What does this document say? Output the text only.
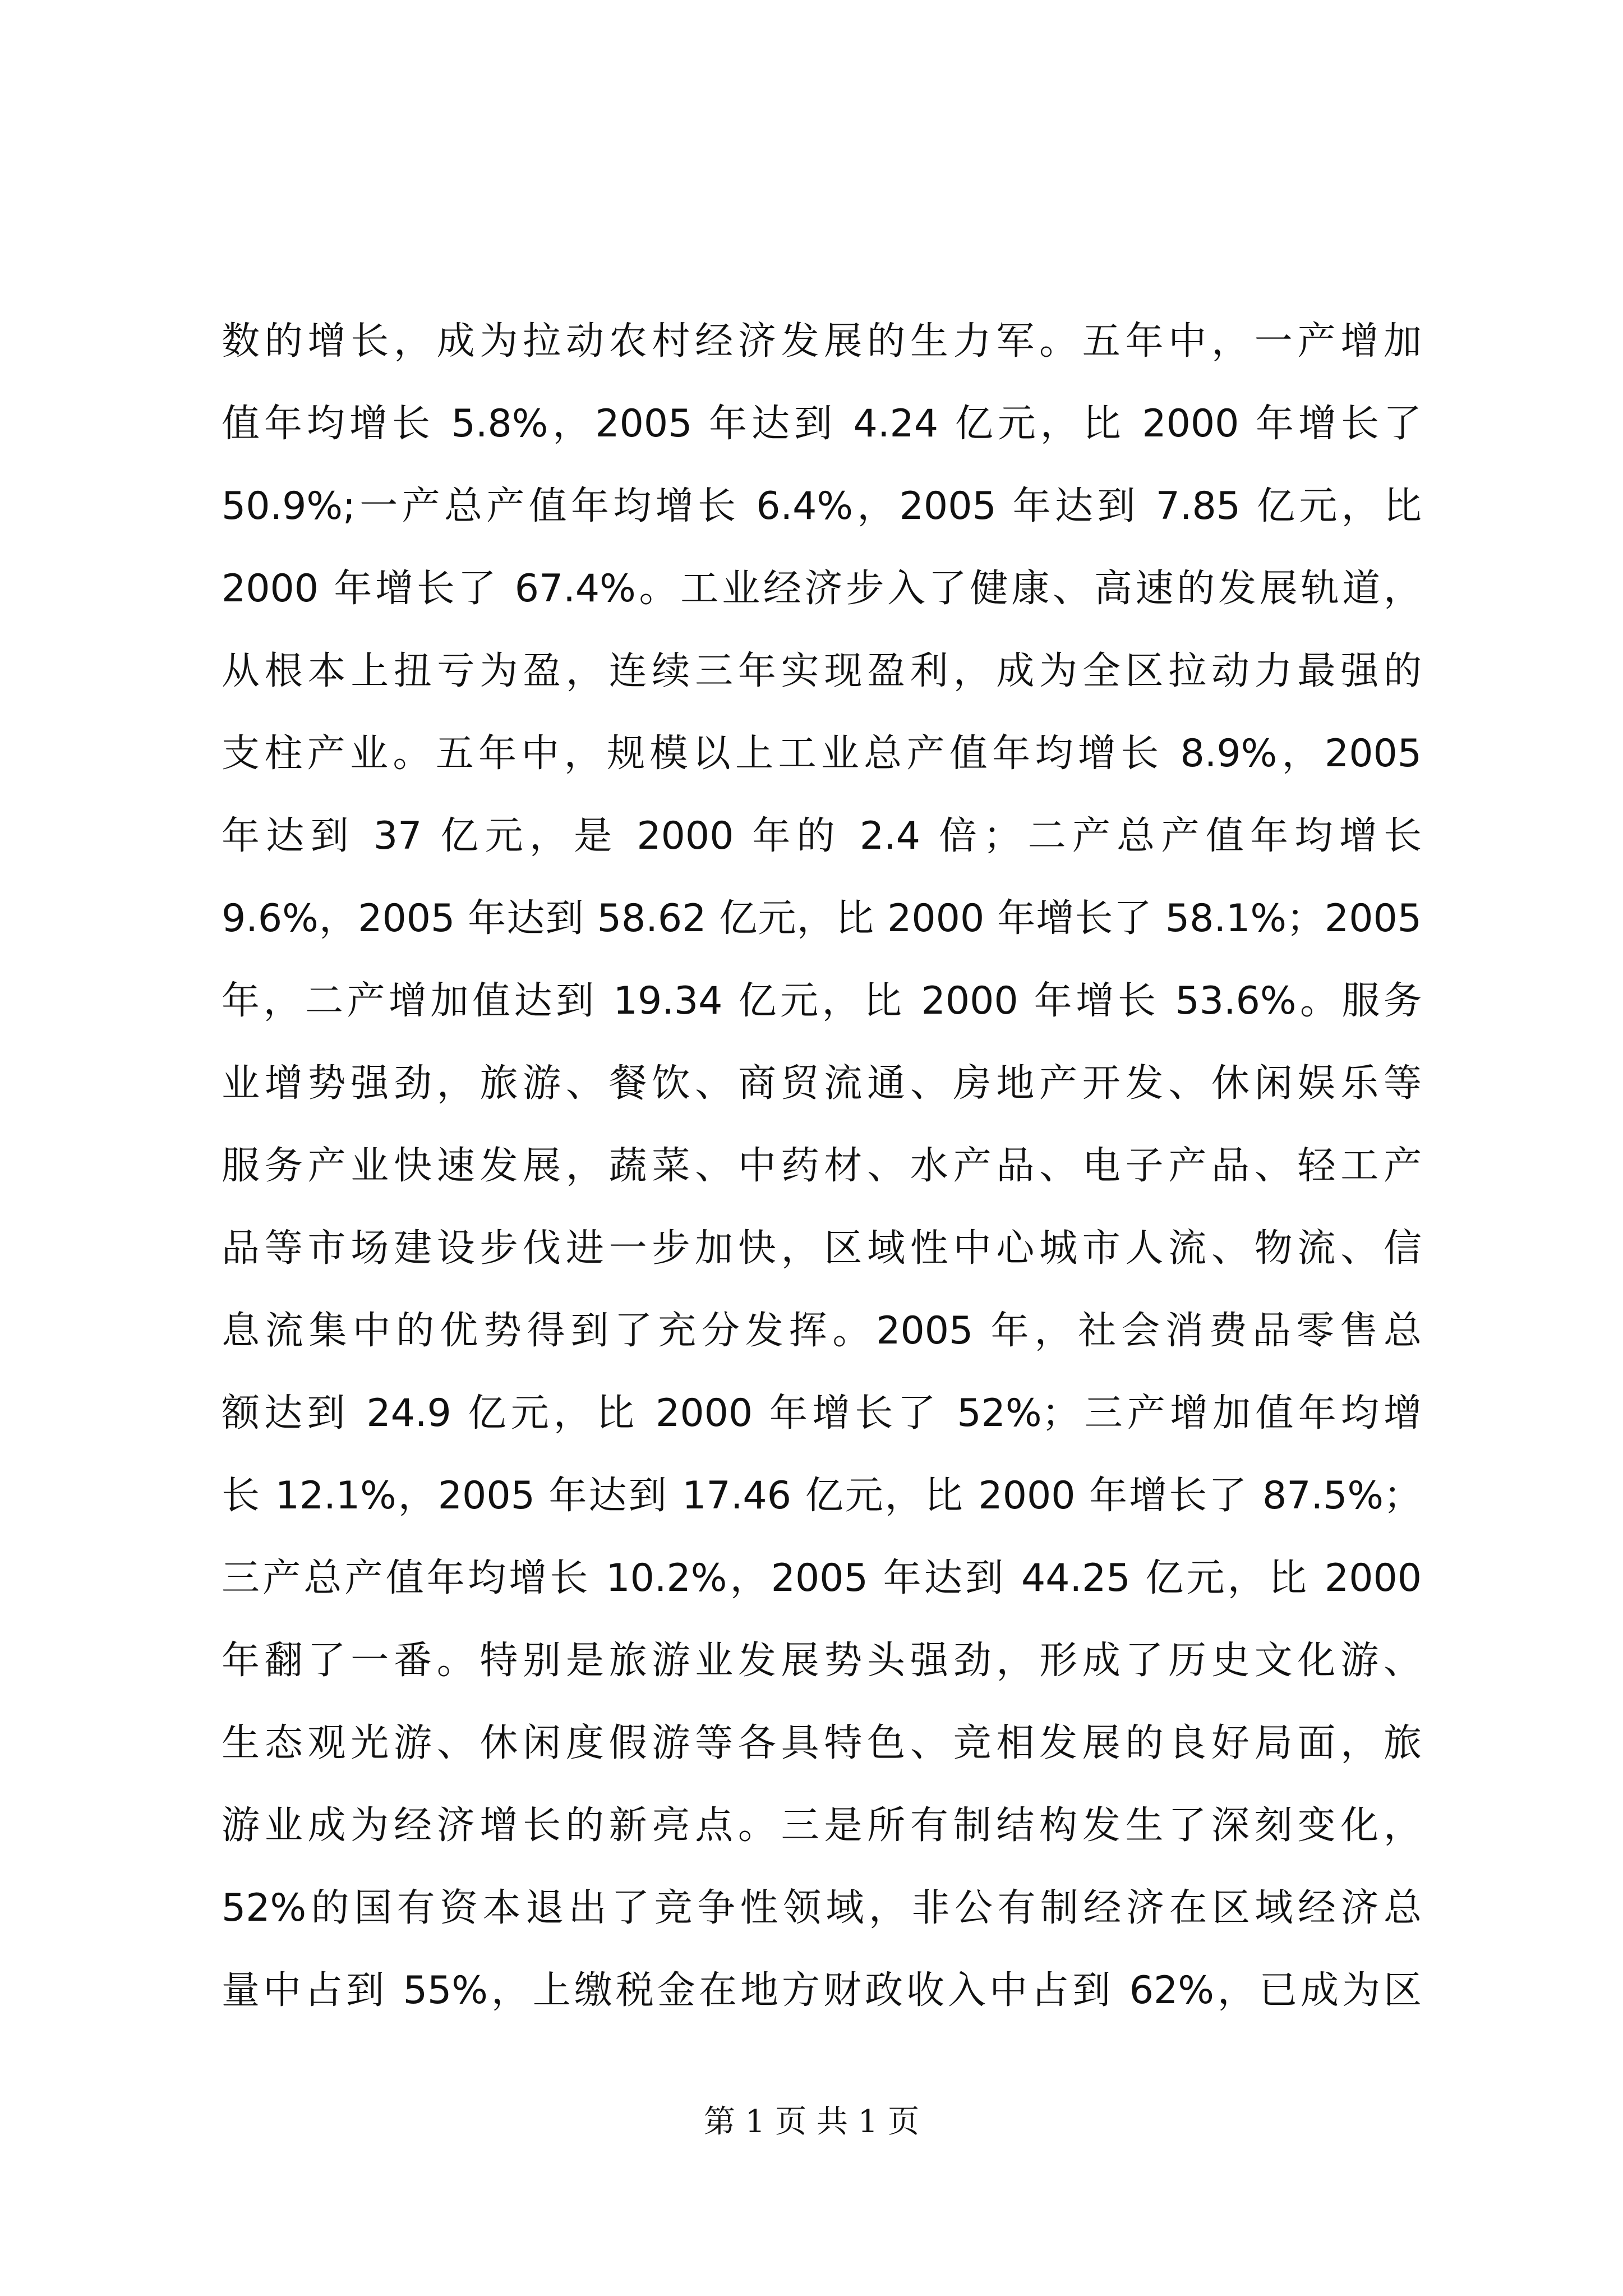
数的增长，成为拉动农村经济发展的生力军。五年中，一产增加
值年均增长 5.8%，2005 年达到 4.24 亿元，比 2000 年增长了
50.9%;一产总产值年均增长 6.4%，2005 年达到 7.85 亿元，比
2000 年增长了 67.4%。工业经济步入了健康、高速的发展轨道，
从根本上扭亏为盈，连续三年实现盈利，成为全区拉动力最强的
支柱产业。五年中，规模以上工业总产值年均增长 8.9%，2005
年达到 37 亿元，是 2000 年的 2.4 倍；二产总产值年均增长
9.6%，2005 年达到 58.62 亿元，比 2000 年增长了 58.1%；2005
年，二产增加值达到 19.34 亿元，比 2000 年增长 53.6%。服务
业增势强劲，旅游、餐饮、商贸流通、房地产开发、休闲娱乐等
服务产业快速发展，蔬菜、中药材、水产品、电子产品、轻工产
品等市场建设步伐进一步加快，区域性中心城市人流、物流、信
息流集中的优势得到了充分发挥。2005 年，社会消费品零售总
额达到 24.9 亿元，比 2000 年增长了 52%；三产增加值年均增
长 12.1%，2005 年达到 17.46 亿元，比 2000 年增长了 87.5%；
三产总产值年均增长 10.2%，2005 年达到 44.25 亿元，比 2000
年翻了一番。特别是旅游业发展势头强劲，形成了历史文化游、
生态观光游、休闲度假游等各具特色、竞相发展的良好局面，旅
游业成为经济增长的新亮点。三是所有制结构发生了深刻变化，
52%的国有资本退出了竞争性领域，非公有制经济在区域经济总
量中占到 55%，上缴税金在地方财政收入中占到 62%，已成为区
第 1 页 共 1 页
